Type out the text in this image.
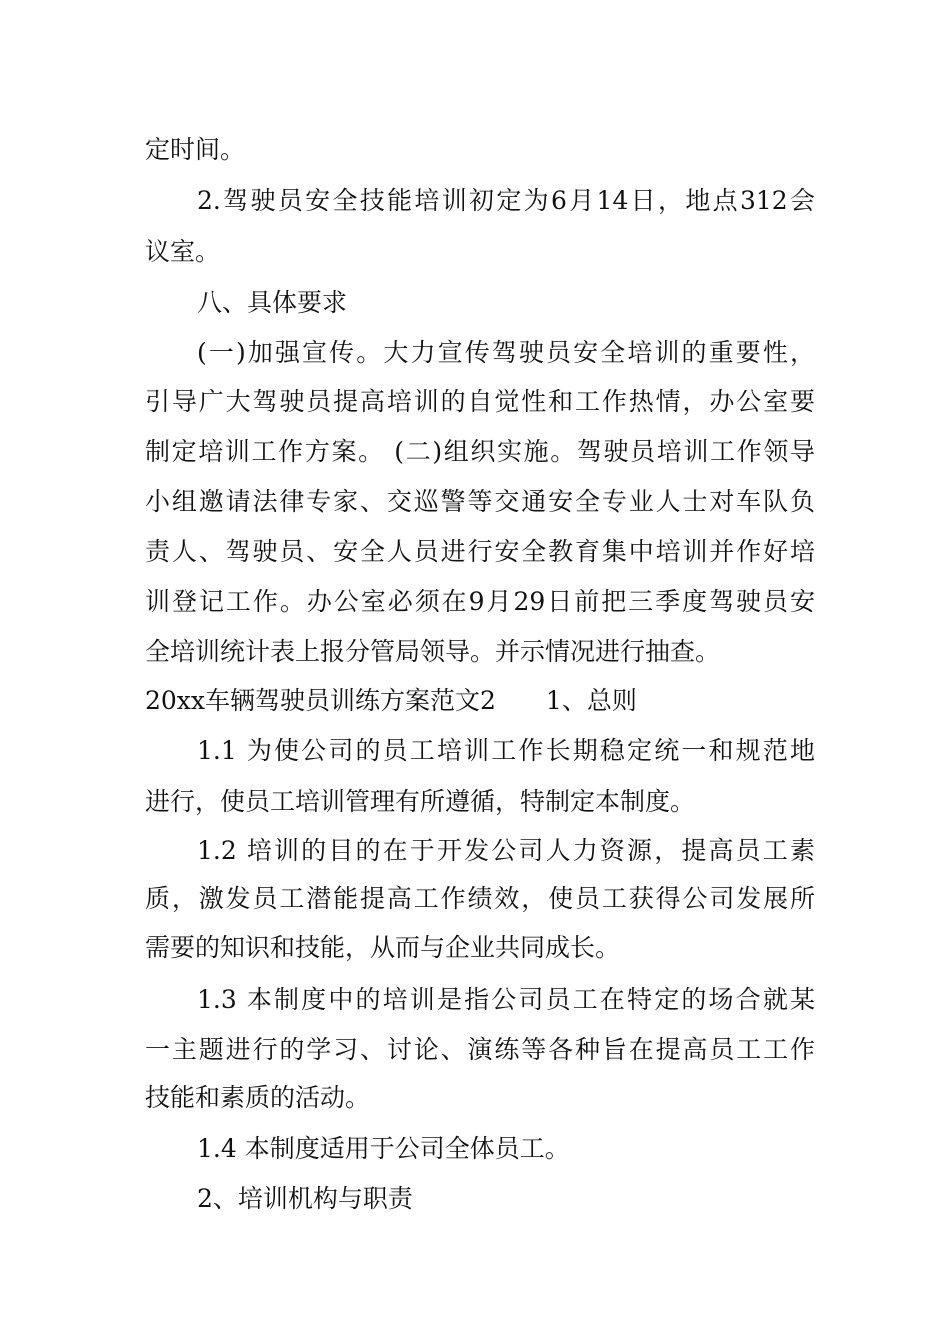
定时间。

2.驾驶员安全技能培训初定为6月14日，地点312会

议室。

八、具体要求

(一)加强宣传。大力宣传驾驶员安全培训的重要性，

引导广大驾驶员提高培训的自觉性和工作热情，办公室要

制定培训工作方案。 (二)组织实施。驾驶员培训工作领导

小组邀请法律专家、交巡警等交通安全专业人士对车队负

责人、驾驶员、安全人员进行安全教育集中培训并作好培

训登记工作。办公室必须在9月29日前把三季度驾驶员安

全培训统计表上报分管局领导。并示情况进行抽查。

20xx车辆驾驶员训练方案范文2　　1、总则

1.1 为使公司的员工培训工作长期稳定统一和规范地

进行，使员工培训管理有所遵循，特制定本制度。

1.2 培训的目的在于开发公司人力资源，提高员工素

质，激发员工潜能提高工作绩效，使员工获得公司发展所

需要的知识和技能，从而与企业共同成长。

1.3 本制度中的培训是指公司员工在特定的场合就某

一主题进行的学习、讨论、演练等各种旨在提高员工工作

技能和素质的活动。

1.4 本制度适用于公司全体员工。

2、培训机构与职责
